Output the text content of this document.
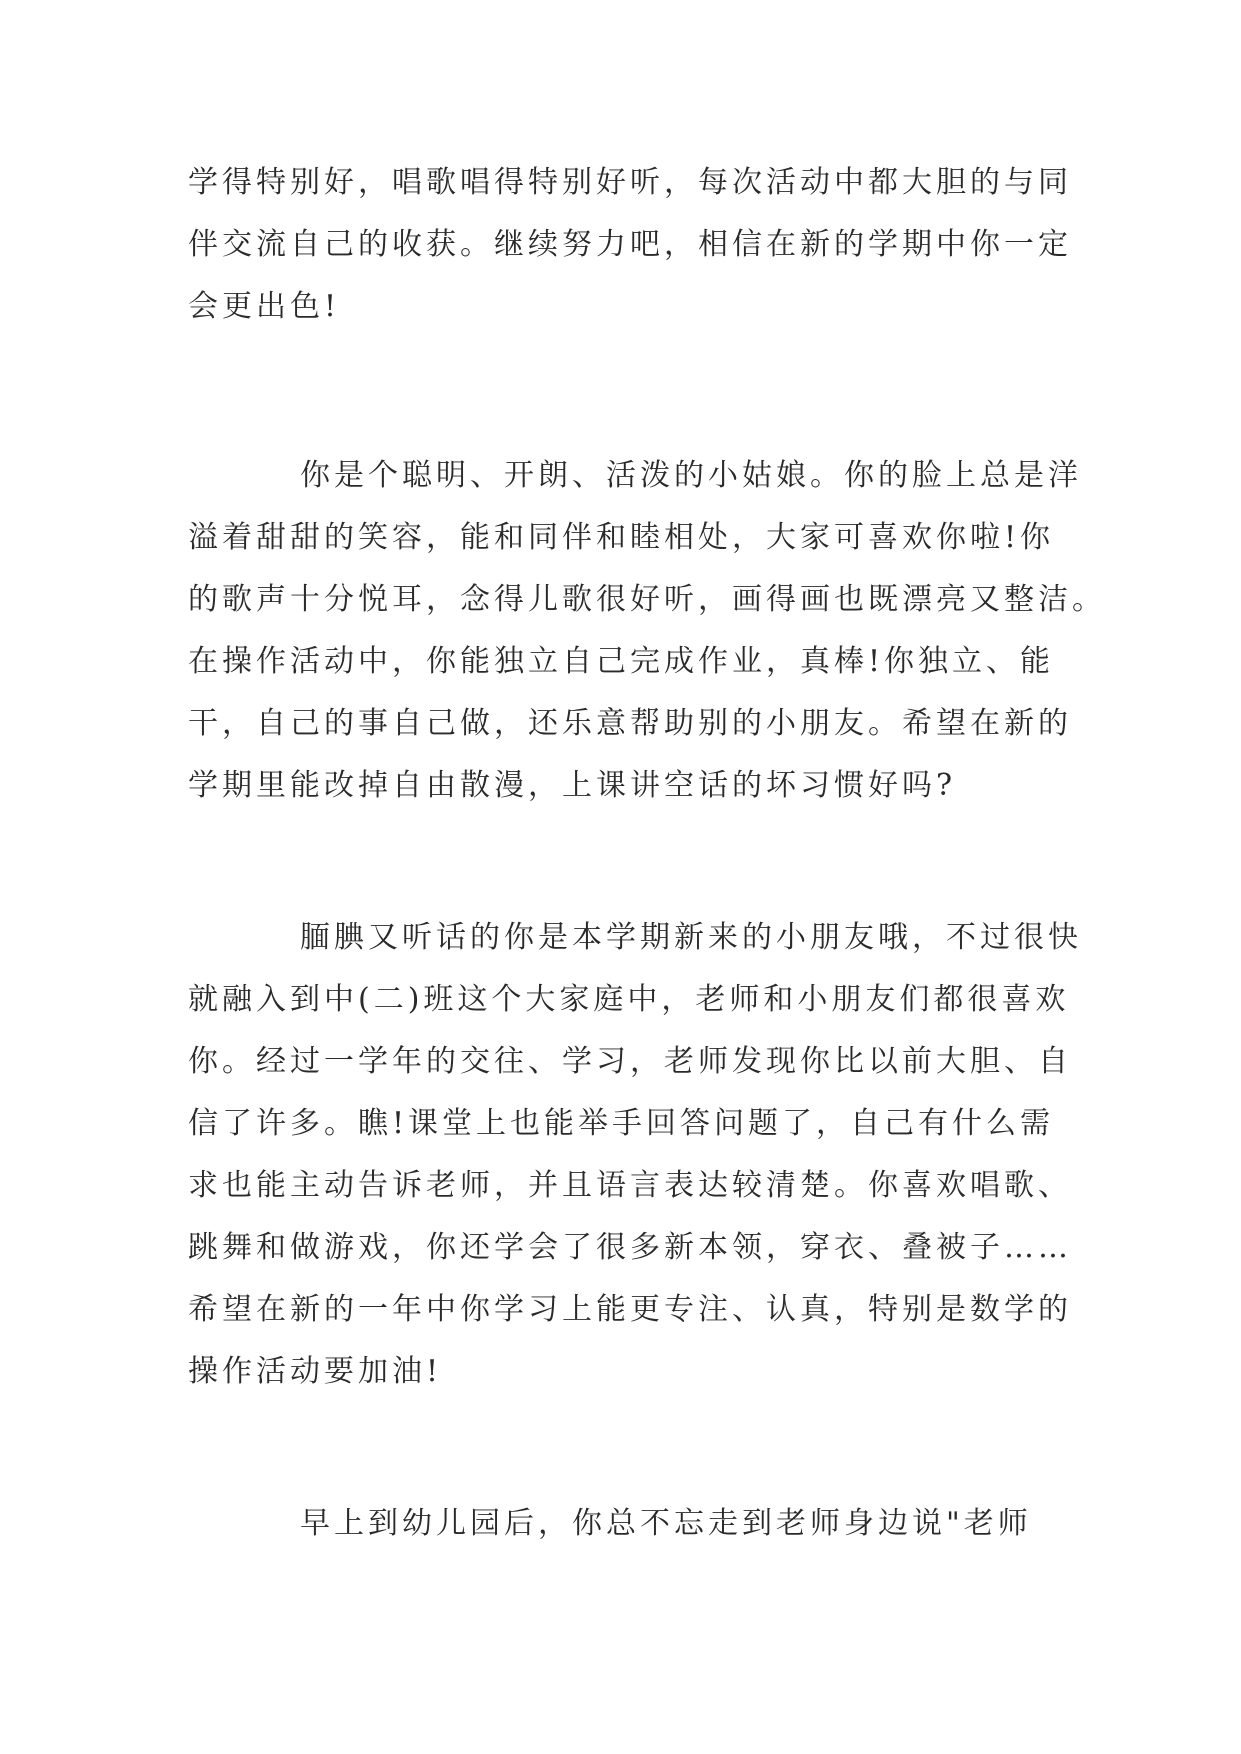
学得特别好，唱歌唱得特别好听，每次活动中都大胆的与同
伴交流自己的收获。继续努力吧，相信在新的学期中你一定
会更出色!
你是个聪明、开朗、活泼的小姑娘。你的脸上总是洋
溢着甜甜的笑容，能和同伴和睦相处，大家可喜欢你啦!你
的歌声十分悦耳，念得儿歌很好听，画得画也既漂亮又整洁。
在操作活动中，你能独立自己完成作业，真棒!你独立、能
干，自己的事自己做，还乐意帮助别的小朋友。希望在新的
学期里能改掉自由散漫，上课讲空话的坏习惯好吗?
腼腆又听话的你是本学期新来的小朋友哦，不过很快
就融入到中(二)班这个大家庭中，老师和小朋友们都很喜欢
你。经过一学年的交往、学习，老师发现你比以前大胆、自
信了许多。瞧!课堂上也能举手回答问题了，自己有什么需
求也能主动告诉老师，并且语言表达较清楚。你喜欢唱歌、
跳舞和做游戏，你还学会了很多新本领，穿衣、叠被子……
希望在新的一年中你学习上能更专注、认真，特别是数学的
操作活动要加油!
早上到幼儿园后，你总不忘走到老师身边说"老师
